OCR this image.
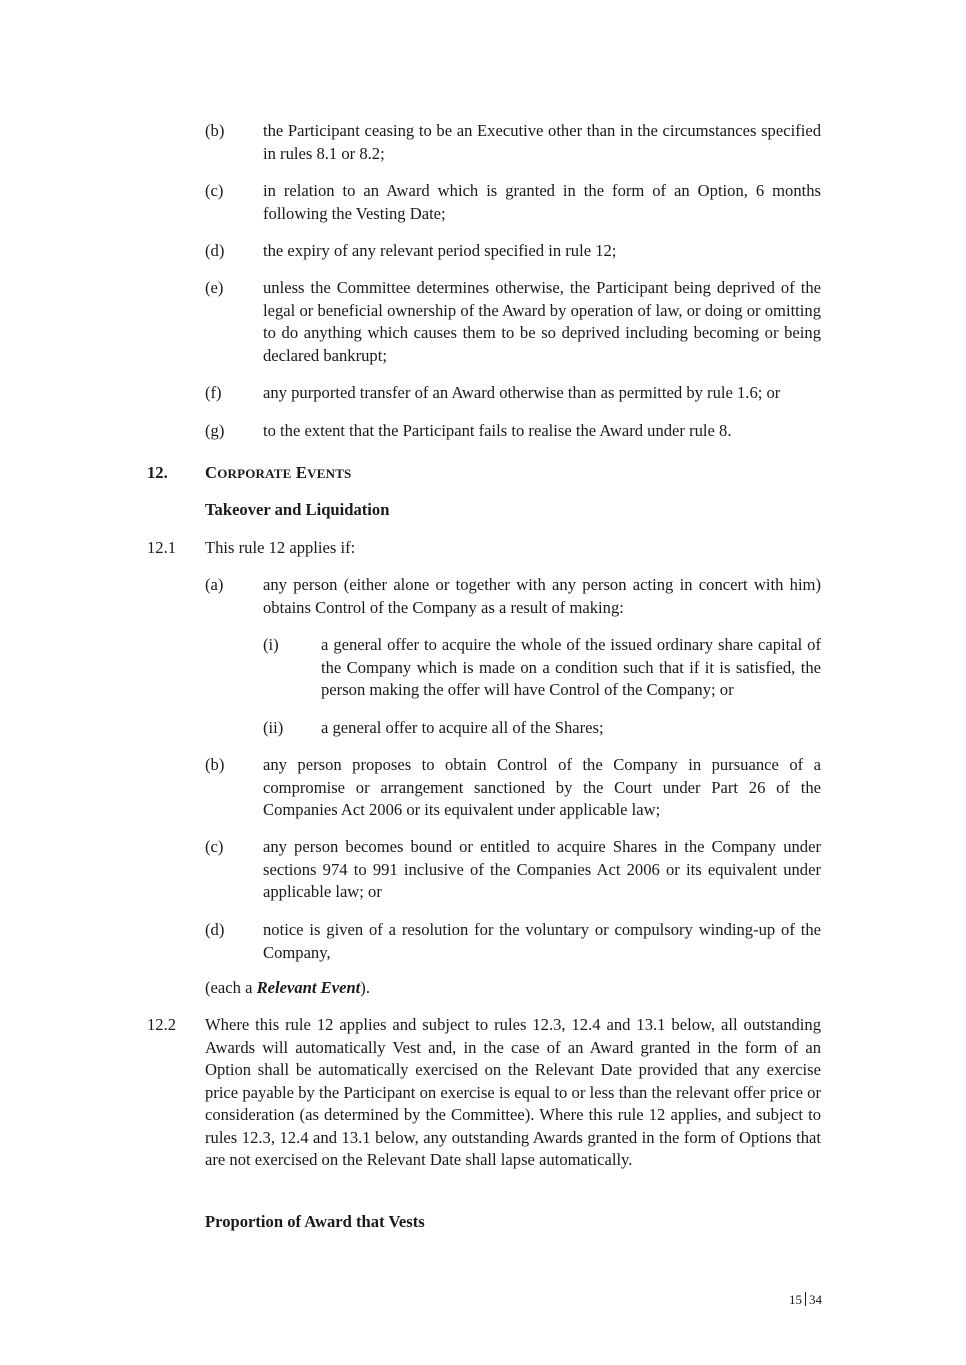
(b) the Participant ceasing to be an Executive other than in the circumstances specified in rules 8.1 or 8.2;
(c) in relation to an Award which is granted in the form of an Option, 6 months following the Vesting Date;
(d) the expiry of any relevant period specified in rule 12;
(e) unless the Committee determines otherwise, the Participant being deprived of the legal or beneficial ownership of the Award by operation of law, or doing or omitting to do anything which causes them to be so deprived including becoming or being declared bankrupt;
(f) any purported transfer of an Award otherwise than as permitted by rule 1.6; or
(g) to the extent that the Participant fails to realise the Award under rule 8.
12. CORPORATE EVENTS
Takeover and Liquidation
12.1 This rule 12 applies if:
(a) any person (either alone or together with any person acting in concert with him) obtains Control of the Company as a result of making:
(i)	a general offer to acquire the whole of the issued ordinary share capital of the Company which is made on a condition such that if it is satisfied, the person making the offer will have Control of the Company; or
(ii) a general offer to acquire all of the Shares;
(b) any person proposes to obtain Control of the Company in pursuance of a compromise or arrangement sanctioned by the Court under Part 26 of the Companies Act 2006 or its equivalent under applicable law;
(c) any person becomes bound or entitled to acquire Shares in the Company under sections 974 to 991 inclusive of the Companies Act 2006 or its equivalent under applicable law; or
(d) notice is given of a resolution for the voluntary or compulsory winding-up of the Company,
(each a Relevant Event).
12.2 Where this rule 12 applies and subject to rules 12.3, 12.4 and 13.1 below, all outstanding Awards will automatically Vest and, in the case of an Award granted in the form of an Option shall be automatically exercised on the Relevant Date provided that any exercise price payable by the Participant on exercise is equal to or less than the relevant offer price or consideration (as determined by the Committee). Where this rule 12 applies, and subject to rules 12.3, 12.4 and 13.1 below, any outstanding Awards granted in the form of Options that are not exercised on the Relevant Date shall lapse automatically.
Proportion of Award that Vests
15 34
